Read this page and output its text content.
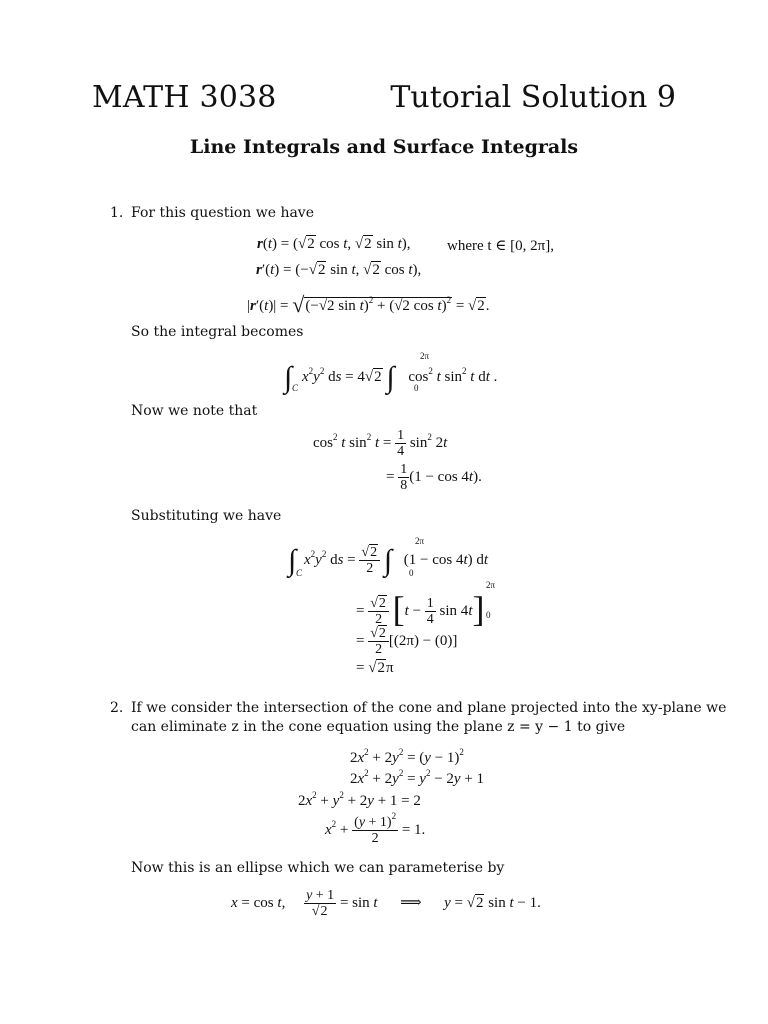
MATH 3038	Tutorial Solution 9
Line Integrals and Surface Integrals
1. For this question we have
r(t) = (√2 cos t, √2 sin t), where t ∈ [0, 2π],
r′(t) = (−√2 sin t, √2 cos t),
|r′(t)| = √(−√2 sin t)$^2$ + (√2 cos t)$^2$ = √2.
So the integral becomes
∫ C
$x^2y^2$ ds = 4√2 ∫
2π
0
$\cos^2 t$ $\sin^2 t$ dt .
Now we note that
$\cos^2 t$ $\sin^2 t = \frac{1}{4} \sin^2 2t$
= $\frac{1}{8} (1 - \cos 4t)$.
Substituting we have
∫ C
$x^2y^2$ ds = $\frac{√2}{2}$ ∫
2π
0
(1 − cos 4t) dt
= $\frac{√2}{2} [t - \frac{1}{4}$ sin 4t]
2π
0
= $\frac{√2}{2} [(2\pi) - (0)]$
= √2π
2. If we consider the intersection of the cone and plane projected into the xy-plane we
can eliminate z in the cone equation using the plane z = y − 1 to give
$2x^2 + 2y^2 = (y - 1)^2$
$2x^2 + 2y^2 = y^2 - 2y + 1$
$2x^2 + y^2 + 2y + 1 = 2$
$x^2 + \frac{(y + 1)^2}{2} = 1$.
Now this is an ellipse which we can parameterise by
x = cos t, $\frac{y + 1}{√2} = \sin t$      ⟹      y = √2 sin t − 1.
